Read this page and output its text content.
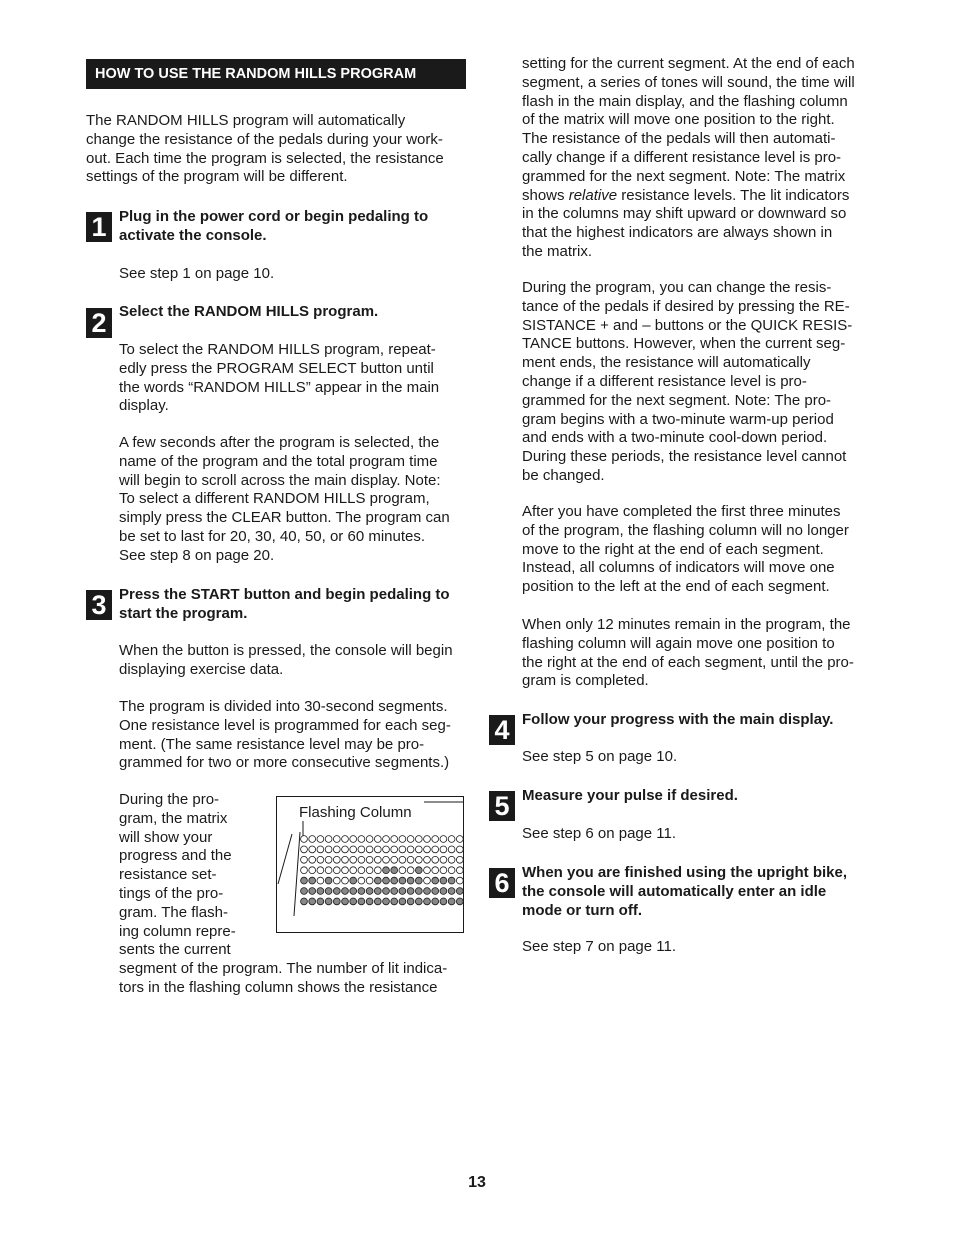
HOW TO USE THE RANDOM HILLS PROGRAM
The RANDOM HILLS program will automatically
change the resistance of the pedals during your work-
out. Each time the program is selected, the resistance
settings of the program will be different.
1 Plug in the power cord or begin pedaling to
activate the console.
See step 1 on page 10.
2 Select the RANDOM HILLS program.
To select the RANDOM HILLS program, repeat-
edly press the PROGRAM SELECT button until
the words “RANDOM HILLS” appear in the main
display.
A few seconds after the program is selected, the
name of the program and the total program time
will begin to scroll across the main display. Note:
To select a different RANDOM HILLS program,
simply press the CLEAR button. The program can
be set to last for 20, 30, 40, 50, or 60 minutes.
See step 8 on page 20.
3 Press the START button and begin pedaling to
start the program.
When the button is pressed, the console will begin
displaying exercise data.
The program is divided into 30-second segments.
One resistance level is programmed for each seg-
ment. (The same resistance level may be pro-
grammed for two or more consecutive segments.)
During the pro-
gram, the matrix
will show your
progress and the
resistance set-
tings of the pro-
gram. The flash-
ing column repre-
sents the current
segment of the program. The number of lit indica-
tors in the flashing column shows the resistance
Flashing Column
setting for the current segment. At the end of each
segment, a series of tones will sound, the time will
flash in the main display, and the flashing column
of the matrix will move one position to the right.
The resistance of the pedals will then automati-
cally change if a different resistance level is pro-
grammed for the next segment. Note: The matrix
shows relative resistance levels. The lit indicators
in the columns may shift upward or downward so
that the highest indicators are always shown in
the matrix.
During the program, you can change the resis-
tance of the pedals if desired by pressing the RE-
SISTANCE + and – buttons or the QUICK RESIS-
TANCE buttons. However, when the current seg-
ment ends, the resistance will automatically
change if a different resistance level is pro-
grammed for the next segment. Note: The pro-
gram begins with a two-minute warm-up period
and ends with a two-minute cool-down period.
During these periods, the resistance level cannot
be changed.
After you have completed the first three minutes
of the program, the flashing column will no longer
move to the right at the end of each segment.
Instead, all columns of indicators will move one
position to the left at the end of each segment.
When only 12 minutes remain in the program, the
flashing column will again move one position to
the right at the end of each segment, until the pro-
gram is completed.
4 Follow your progress with the main display.
See step 5 on page 10.
5 Measure your pulse if desired.
See step 6 on page 11.
6 When you are finished using the upright bike,
the console will automatically enter an idle
mode or turn off.
See step 7 on page 11.
13
